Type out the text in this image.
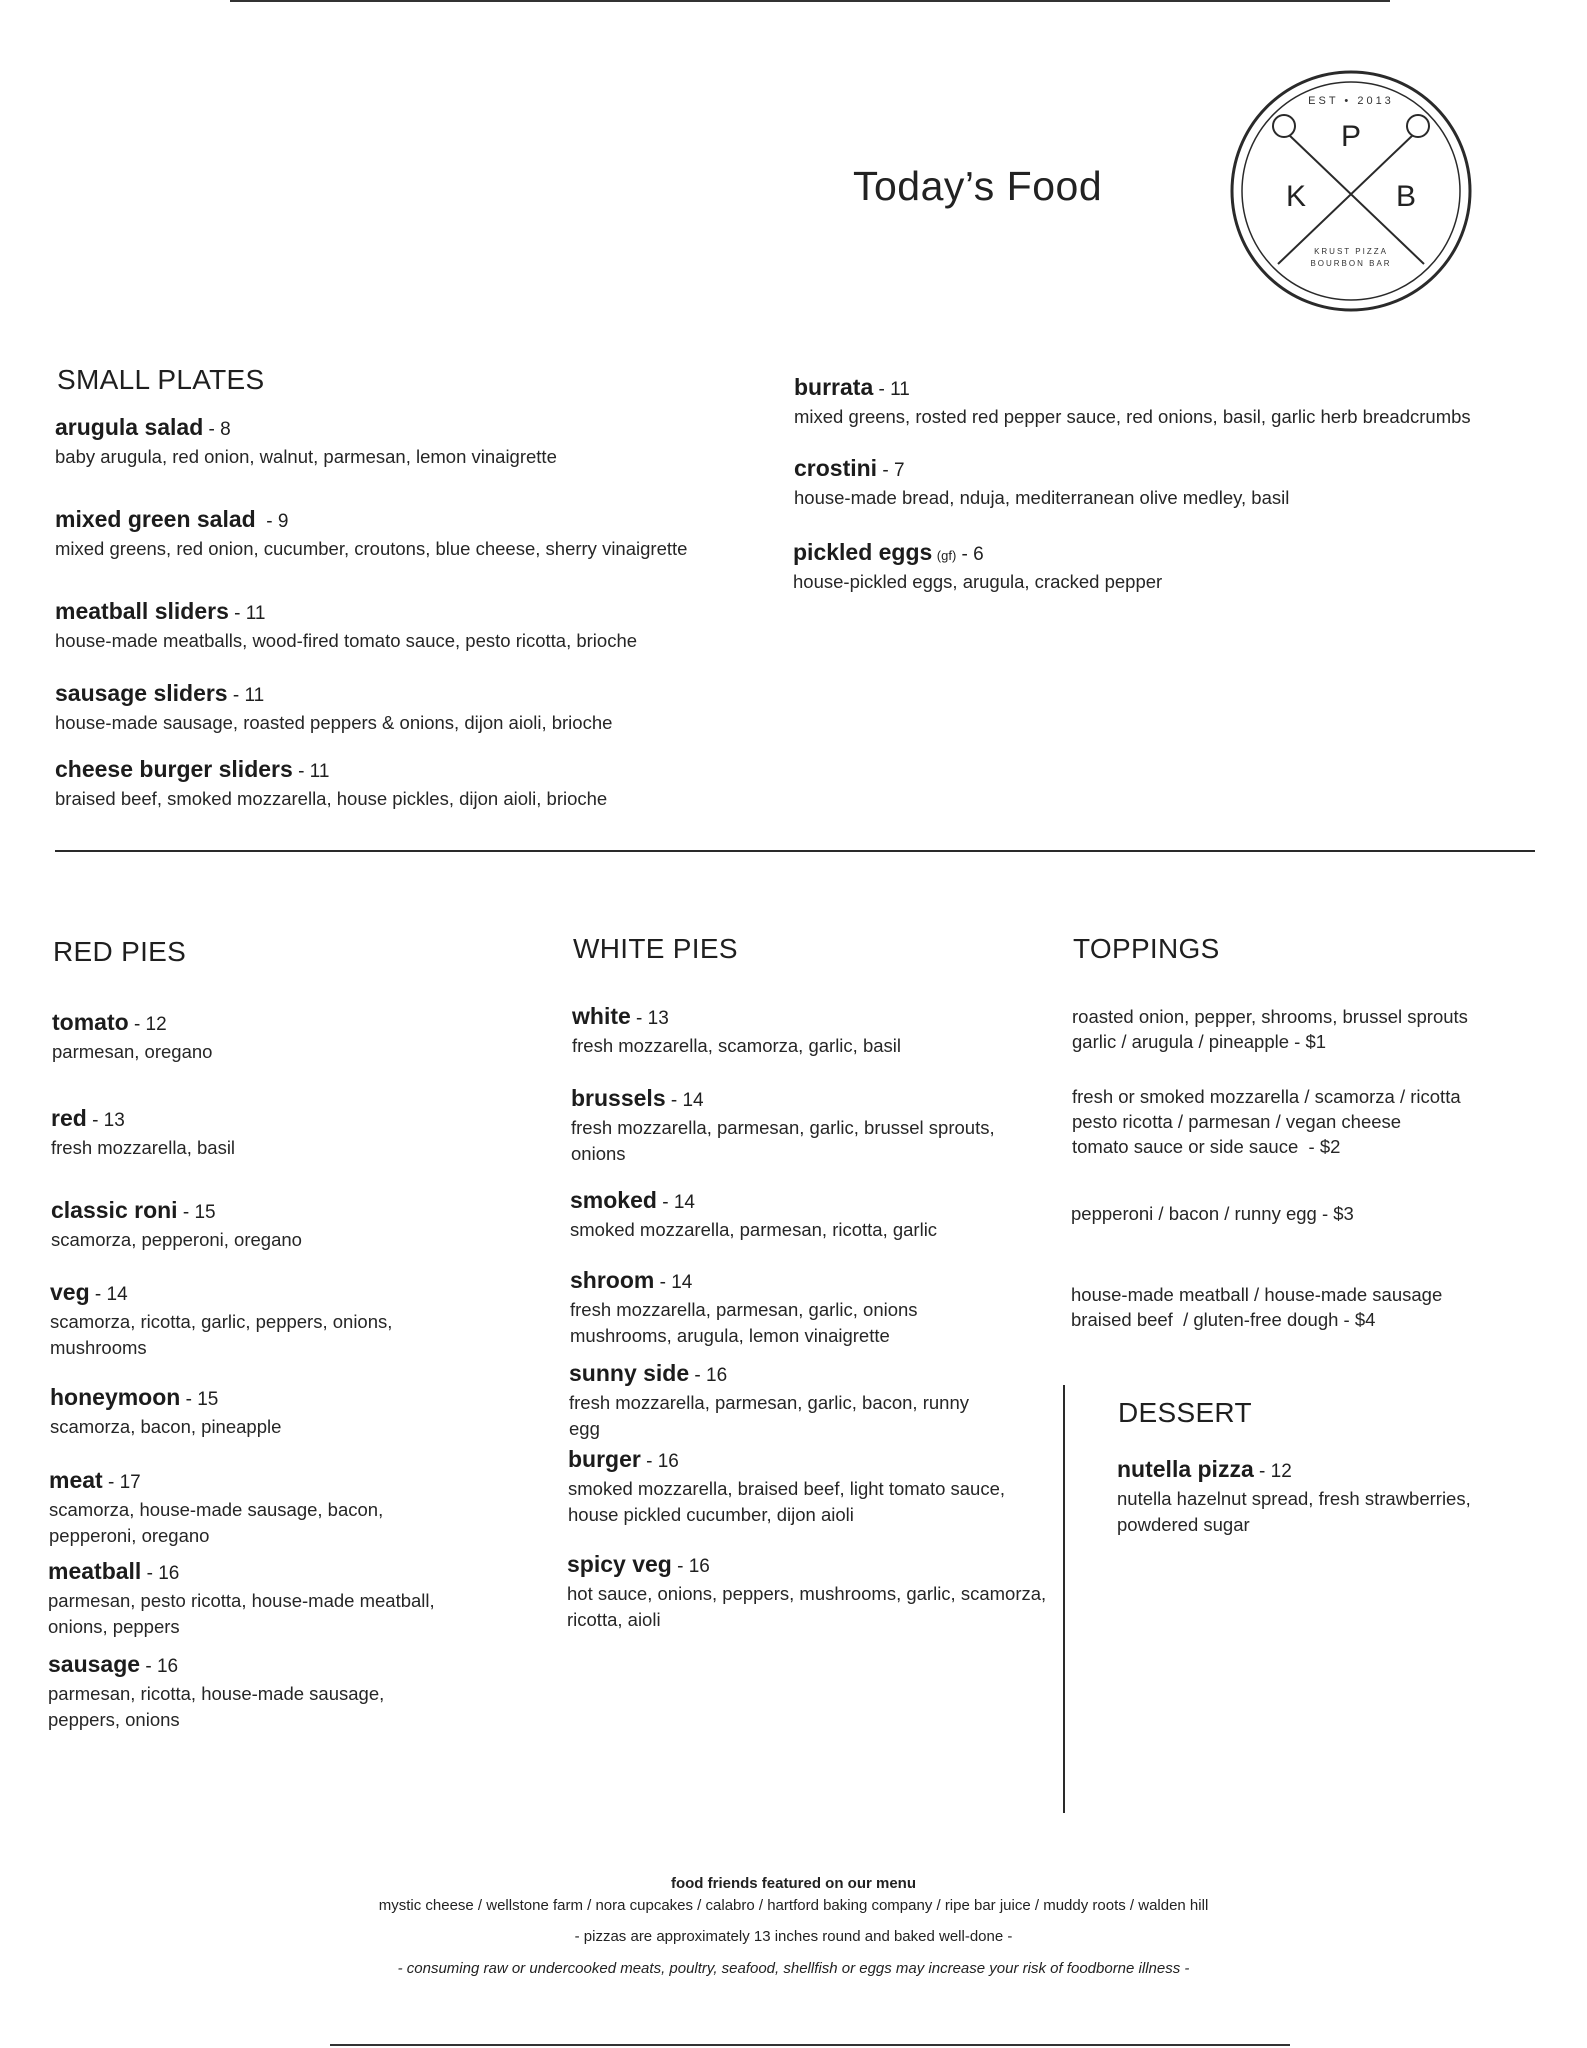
Today’s Food
EST • 2013
P
K	B
KRUST PIZZA
BOURBON BAR
SMALL PLATES
arugula salad - 8
baby arugula, red onion, walnut, parmesan, lemon vinaigrette
mixed green salad  - 9
mixed greens, red onion, cucumber, croutons, blue cheese, sherry vinaigrette
meatball sliders - 11
house-made meatballs, wood-fired tomato sauce, pesto ricotta, brioche
sausage sliders - 11
house-made sausage, roasted peppers & onions, dijon aioli, brioche
cheese burger sliders - 11
braised beef, smoked mozzarella, house pickles, dijon aioli, brioche
burrata - 11
mixed greens, rosted red pepper sauce, red onions, basil, garlic herb breadcrumbs
crostini - 7
house-made bread, nduja, mediterranean olive medley, basil
pickled eggs (gf) - 6
house-pickled eggs, arugula, cracked pepper
RED PIES
tomato - 12
parmesan, oregano
red - 13
fresh mozzarella, basil
classic roni - 15
scamorza, pepperoni, oregano
veg - 14
scamorza, ricotta, garlic, peppers, onions, mushrooms
honeymoon - 15
scamorza, bacon, pineapple
meat - 17
scamorza, house-made sausage, bacon, pepperoni, oregano
meatball - 16
parmesan, pesto ricotta, house-made meatball, onions, peppers
sausage - 16
parmesan, ricotta, house-made sausage, peppers, onions
WHITE PIES
white - 13
fresh mozzarella, scamorza, garlic, basil
brussels - 14
fresh mozzarella, parmesan, garlic, brussel sprouts, onions
smoked - 14
smoked mozzarella, parmesan, ricotta, garlic
shroom - 14
fresh mozzarella, parmesan, garlic, onions mushrooms, arugula, lemon vinaigrette
sunny side - 16
fresh mozzarella, parmesan, garlic, bacon, runny egg
burger - 16
smoked mozzarella, braised beef, light tomato sauce, house pickled cucumber, dijon aioli
spicy veg - 16
hot sauce, onions, peppers, mushrooms, garlic, scamorza, ricotta, aioli
TOPPINGS
roasted onion, pepper, shrooms, brussel sprouts
garlic / arugula / pineapple - $1
fresh or smoked mozzarella / scamorza / ricotta
pesto ricotta / parmesan / vegan cheese
tomato sauce or side sauce  - $2
pepperoni / bacon / runny egg - $3
house-made meatball / house-made sausage
braised beef  / gluten-free dough - $4
DESSERT
nutella pizza - 12
nutella hazelnut spread, fresh strawberries, powdered sugar
food friends featured on our menu
mystic cheese / wellstone farm / nora cupcakes / calabro / hartford baking company / ripe bar juice / muddy roots / walden hill
- pizzas are approximately 13 inches round and baked well-done -
- consuming raw or undercooked meats, poultry, seafood, shellfish or eggs may increase your risk of foodborne illness -
